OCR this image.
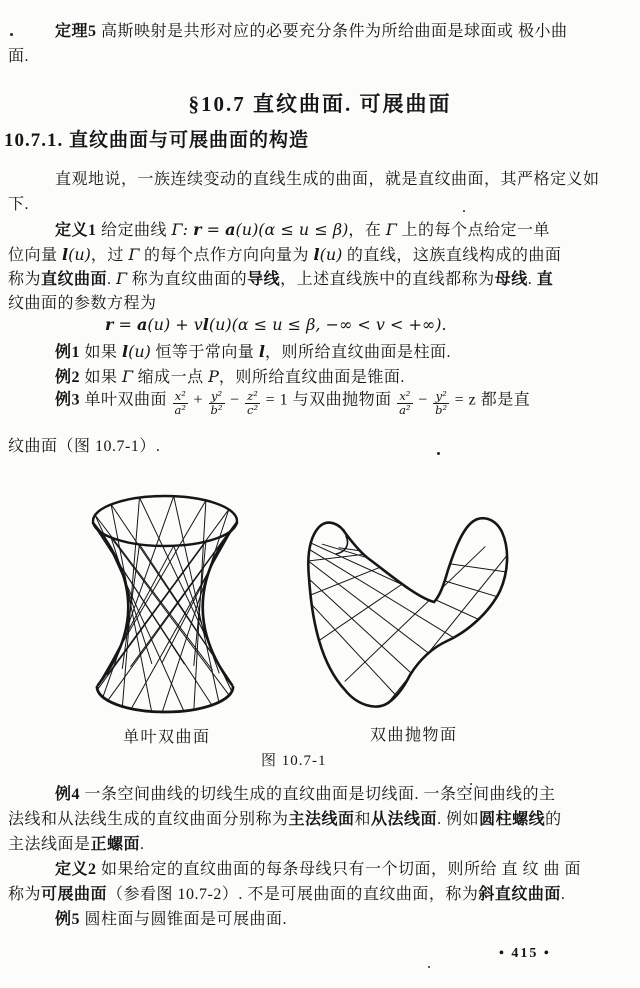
§10.7 直纹曲面. 可展曲面
10.7.1. 直纹曲面与可展曲面的构造
定理5 高斯映射是共形对应的必要充分条件为所给曲面是球面或 极小曲
面.
直观地说，一族连续变动的直线生成的曲面，就是直纹曲面，其严格定义如
下.
定义1 给定曲线 Γ: r = a(u)(α ≤ u ≤ β)，在 Γ 上的每个点给定一单
位向量 l(u)，过 Γ 的每个点作方向向量为 l(u) 的直线，这族直线构成的曲面
称为直纹曲面. Γ 称为直纹曲面的导线，上述直线族中的直线都称为母线. 直
纹曲面的参数方程为
r = a(u) + vl(u)(α ≤ u ≤ β, −∞ < v < +∞).
例1 如果 l(u) 恒等于常向量 l，则所给直纹曲面是柱面.
例2 如果 Γ 缩成一点 P，则所给直纹曲面是锥面.
例3 单叶双曲面 $\frac{\text{x²}}{\text{a²}} + \frac{\text{y²}}{\text{b²}} - \frac{\text{z²}}{\text{c²}} = 1$ 与双曲抛物面 $\frac{\text{x²}}{\text{a²}} - \frac{\text{y²}}{\text{b²}} = z$ 都是直
纹曲面（图 10.7-1）.
例4 一条空间曲线的切线生成的直纹曲面是切线面. 一条空间曲线的主
法线和从法线生成的直纹曲面分别称为主法线面和从法线面. 例如圆柱螺线的
主法线面是正螺面.
定义2 如果给定的直纹曲面的每条母线只有一个切面，则所给 直 纹 曲 面
称为可展曲面（参看图 10.7-2）. 不是可展曲面的直纹曲面，称为斜直纹曲面.
例5 圆柱面与圆锥面是可展曲面.
单叶双曲面	双曲抛物面
图 10.7-1
• 415 •
